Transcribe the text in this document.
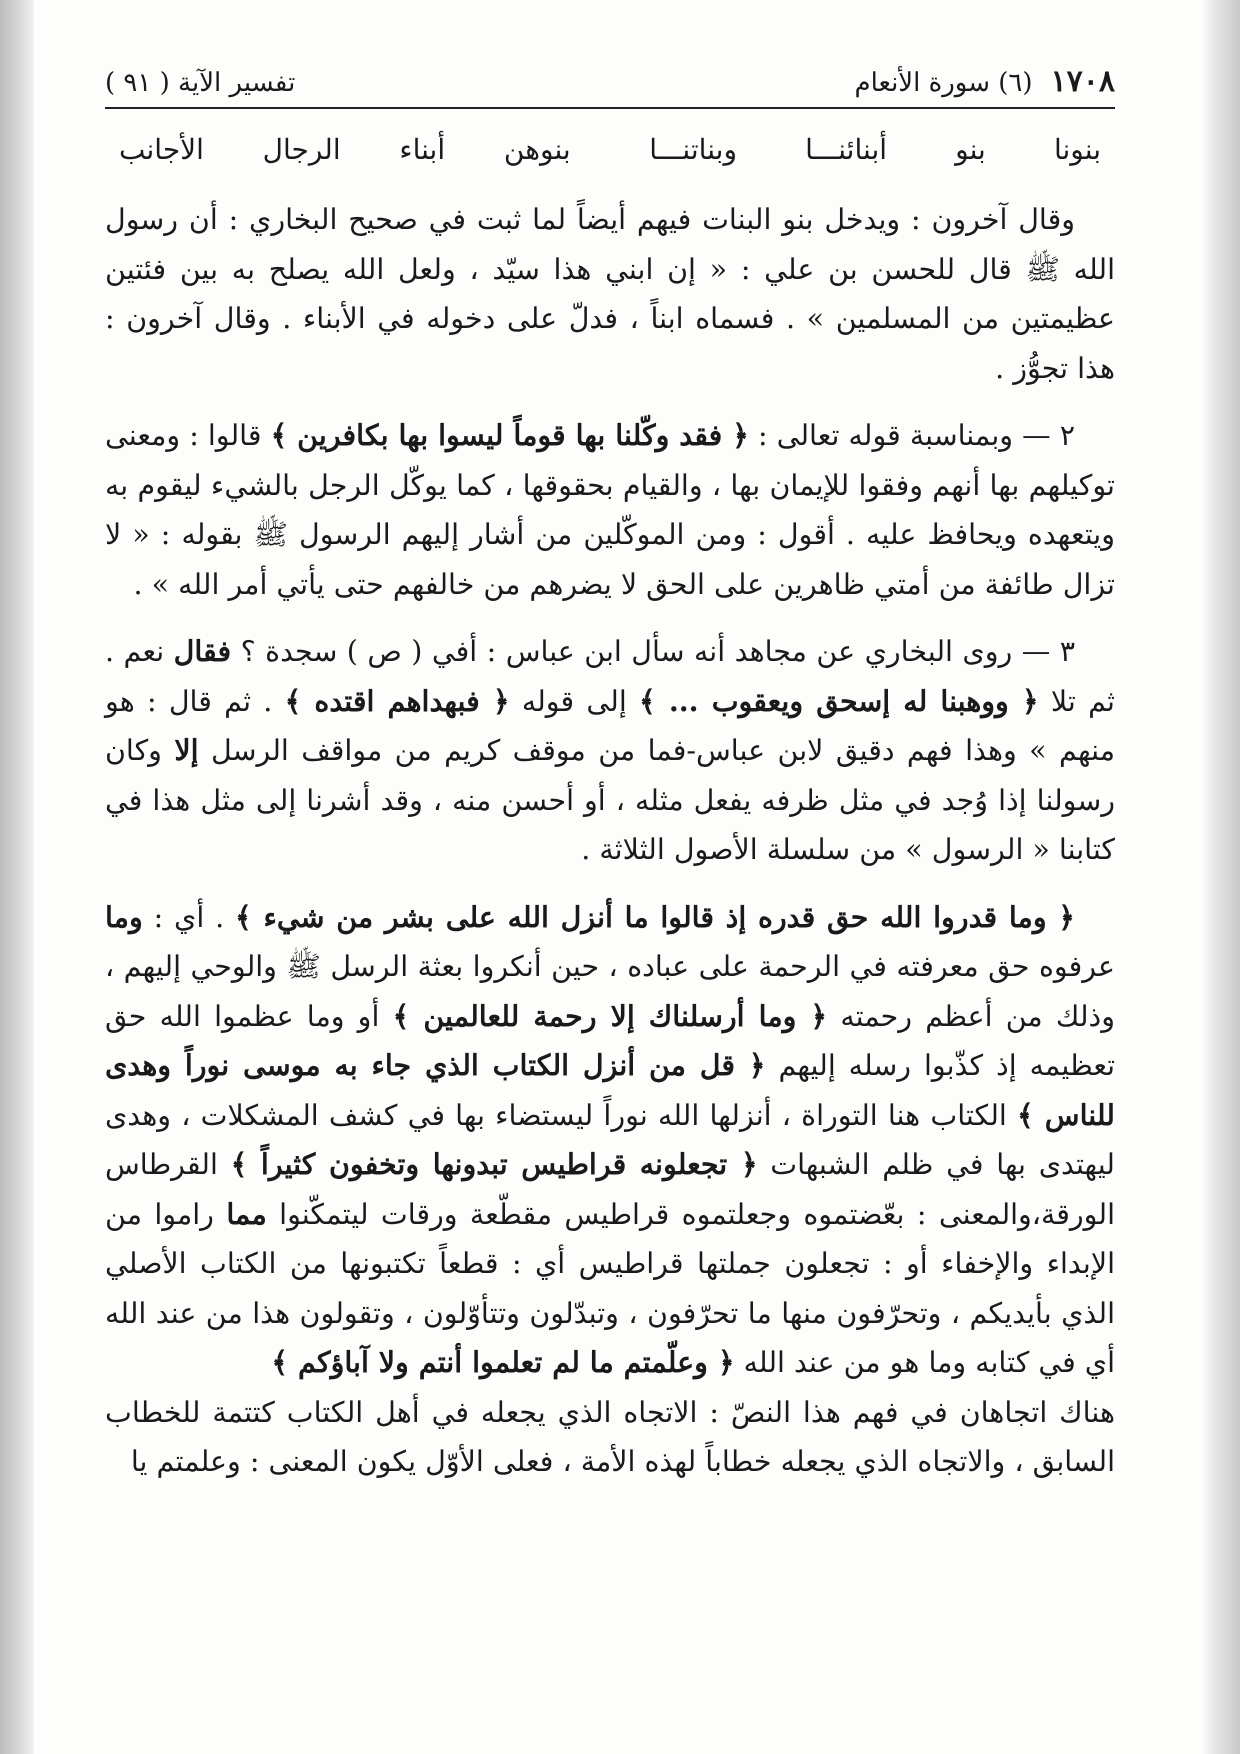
١٧٠٨
(٦) سورة الأنعام
تفسير الآية ( ٩١ )
بنونا بنو أبنائنـــا وبناتنـــا
بنوهن أبناء الرجال الأجانب

وقال آخرون : ويدخل بنو البنات فيهم أيضاً لما ثبت في صحيح البخاري : أن رسول الله ﷺ قال للحسن بن علي : « إن ابني هذا سيّد ، ولعل الله يصلح به بين فئتين عظيمتين من المسلمين » . فسماه ابناً ، فدلّ على دخوله في الأبناء . وقال آخرون : هذا تجوُّز .

٢ — وبمناسبة قوله تعالى : ﴿ فقد وكّلنا بها قوماً ليسوا بها بكافرين ﴾ قالوا : ومعنى توكيلهم بها أنهم وفقوا للإيمان بها ، والقيام بحقوقها ، كما يوكّل الرجل بالشيء ليقوم به ويتعهده ويحافظ عليه . أقول : ومن الموكّلين من أشار إليهم الرسول ﷺ بقوله : « لا تزال طائفة من أمتي ظاهرين على الحق لا يضرهم من خالفهم حتى يأتي أمر الله » .

٣ — روى البخاري عن مجاهد أنه سأل ابن عباس : أفي ( ص ) سجدة ؟ فقال نعم . ثم تلا ﴿ ووهبنا له إسحق ويعقوب ... ﴾ إلى قوله ﴿ فبهداهم اقتده ﴾ . ثم قال : هو منهم » وهذا فهم دقيق لابن عباس-فما من موقف كريم من مواقف الرسل إلا وكان رسولنا إذا وُجد في مثل ظرفه يفعل مثله ، أو أحسن منه ، وقد أشرنا إلى مثل هذا في كتابنا « الرسول » من سلسلة الأصول الثلاثة .

﴿ وما قدروا الله حق قدره إذ قالوا ما أنزل الله على بشر من شيء ﴾ . أي : وما عرفوه حق معرفته في الرحمة على عباده ، حين أنكروا بعثة الرسل ﷺ والوحي إليهم ، وذلك من أعظم رحمته ﴿ وما أرسلناك إلا رحمة للعالمين ﴾ أو وما عظموا الله حق تعظيمه إذ كذّبوا رسله إليهم ﴿ قل من أنزل الكتاب الذي جاء به موسى نوراً وهدى للناس ﴾ الكتاب هنا التوراة ، أنزلها الله نوراً ليستضاء بها في كشف المشكلات ، وهدى ليهتدى بها في ظلم الشبهات ﴿ تجعلونه قراطيس تبدونها وتخفون كثيراً ﴾ القرطاس الورقة،والمعنى : بعّضتموه وجعلتموه قراطيس مقطّعة ورقات ليتمكّنوا مما راموا من الإبداء والإخفاء أو : تجعلون جملتها قراطيس أي : قطعاً تكتبونها من الكتاب الأصلي الذي بأيديكم ، وتحرّفون منها ما تحرّفون ، وتبدّلون وتتأوّلون ، وتقولون هذا من عند الله أي في كتابه وما هو من عند الله ﴿ وعلّمتم ما لم تعلموا أنتم ولا آباؤكم ﴾

هناك اتجاهان في فهم هذا النصّ : الاتجاه الذي يجعله في أهل الكتاب كتتمة للخطاب السابق ، والاتجاه الذي يجعله خطاباً لهذه الأمة ، فعلى الأوّل يكون المعنى : وعلمتم يا
